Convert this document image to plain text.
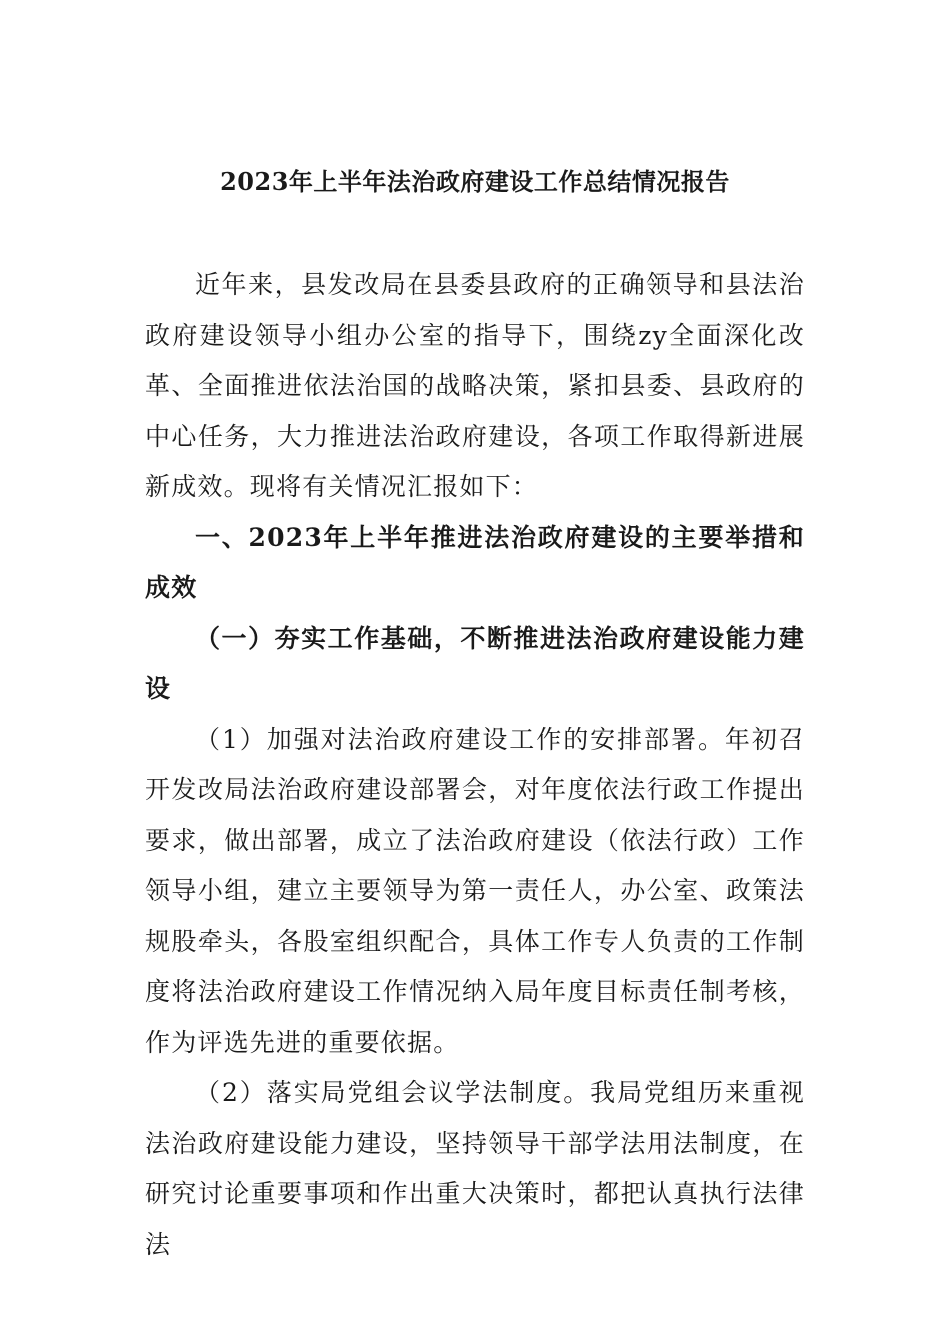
2023年上半年法治政府建设工作总结情况报告

近年来，县发改局在县委县政府的正确领导和县法治政府建设领导小组办公室的指导下，围绕zy全面深化改革、全面推进依法治国的战略决策，紧扣县委、县政府的中心任务，大力推进法治政府建设，各项工作取得新进展新成效。现将有关情况汇报如下：

一、2023年上半年推进法治政府建设的主要举措和成效

（一）夯实工作基础，不断推进法治政府建设能力建设

（1）加强对法治政府建设工作的安排部署。年初召开发改局法治政府建设部署会，对年度依法行政工作提出要求，做出部署，成立了法治政府建设（依法行政）工作领导小组，建立主要领导为第一责任人，办公室、政策法规股牵头，各股室组织配合，具体工作专人负责的工作制度将法治政府建设工作情况纳入局年度目标责任制考核，作为评选先进的重要依据。

（2）落实局党组会议学法制度。我局党组历来重视法治政府建设能力建设，坚持领导干部学法用法制度，在研究讨论重要事项和作出重大决策时，都把认真执行法律法
